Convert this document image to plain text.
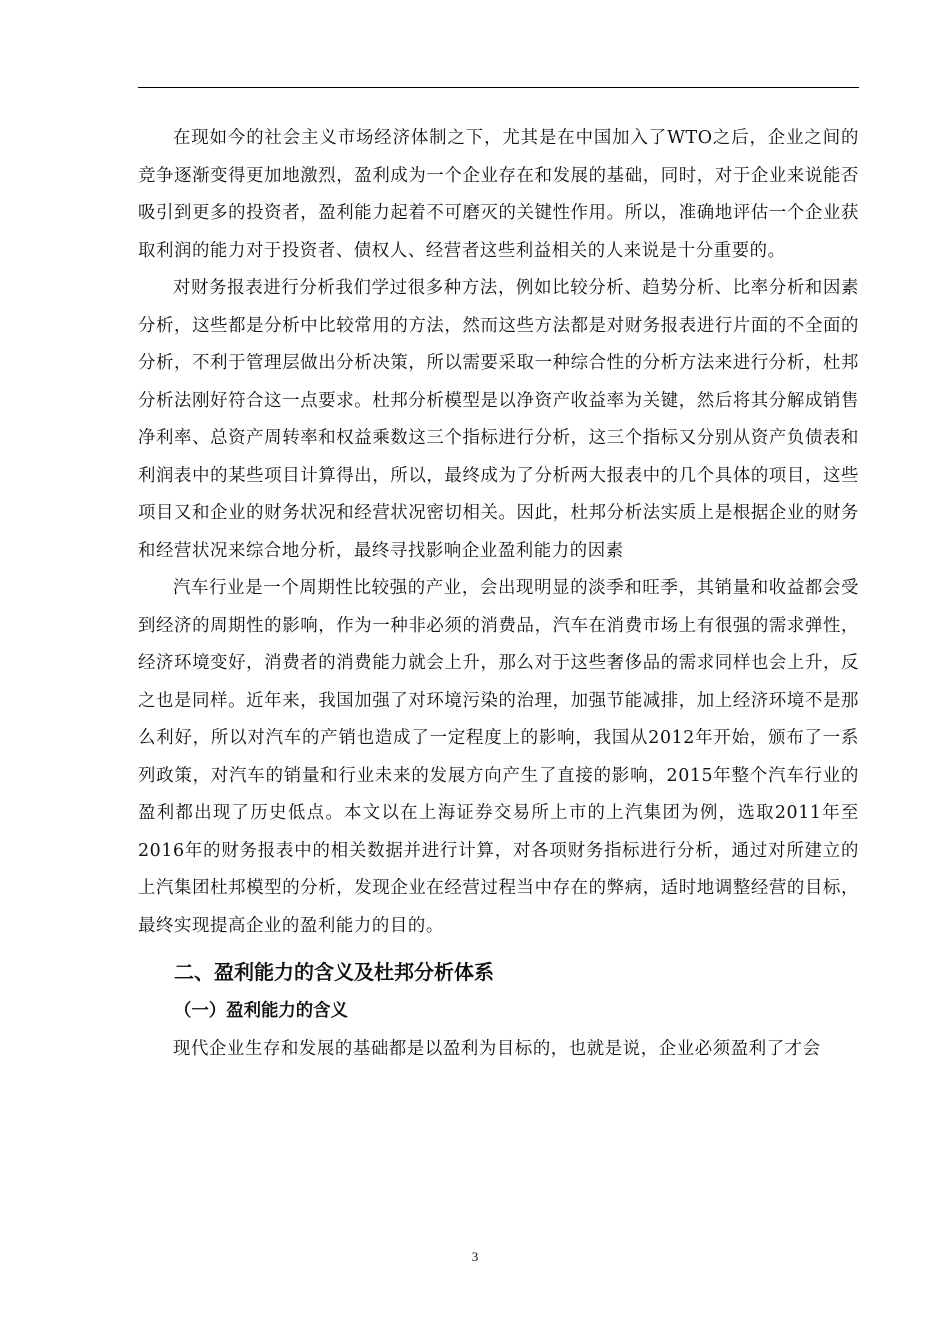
在现如今的社会主义市场经济体制之下，尤其是在中国加入了WTO之后，企业之间的竞争逐渐变得更加地激烈，盈利成为一个企业存在和发展的基础，同时，对于企业来说能否吸引到更多的投资者，盈利能力起着不可磨灭的关键性作用。所以，准确地评估一个企业获取利润的能力对于投资者、债权人、经营者这些利益相关的人来说是十分重要的。

对财务报表进行分析我们学过很多种方法，例如比较分析、趋势分析、比率分析和因素分析，这些都是分析中比较常用的方法，然而这些方法都是对财务报表进行片面的不全面的分析，不利于管理层做出分析决策，所以需要采取一种综合性的分析方法来进行分析，杜邦分析法刚好符合这一点要求。杜邦分析模型是以净资产收益率为关键，然后将其分解成销售净利率、总资产周转率和权益乘数这三个指标进行分析，这三个指标又分别从资产负债表和利润表中的某些项目计算得出，所以，最终成为了分析两大报表中的几个具体的项目，这些项目又和企业的财务状况和经营状况密切相关。因此，杜邦分析法实质上是根据企业的财务和经营状况来综合地分析，最终寻找影响企业盈利能力的因素

汽车行业是一个周期性比较强的产业，会出现明显的淡季和旺季，其销量和收益都会受到经济的周期性的影响，作为一种非必须的消费品，汽车在消费市场上有很强的需求弹性，经济环境变好，消费者的消费能力就会上升，那么对于这些奢侈品的需求同样也会上升，反之也是同样。近年来，我国加强了对环境污染的治理，加强节能减排，加上经济环境不是那么利好，所以对汽车的产销也造成了一定程度上的影响，我国从2012年开始，颁布了一系列政策，对汽车的销量和行业未来的发展方向产生了直接的影响，2015年整个汽车行业的盈利都出现了历史低点。本文以在上海证券交易所上市的上汽集团为例，选取2011年至2016年的财务报表中的相关数据并进行计算，对各项财务指标进行分析，通过对所建立的上汽集团杜邦模型的分析，发现企业在经营过程当中存在的弊病，适时地调整经营的目标，最终实现提高企业的盈利能力的目的。

二、盈利能力的含义及杜邦分析体系
（一）盈利能力的含义

现代企业生存和发展的基础都是以盈利为目标的，也就是说，企业必须盈利了才会

3
